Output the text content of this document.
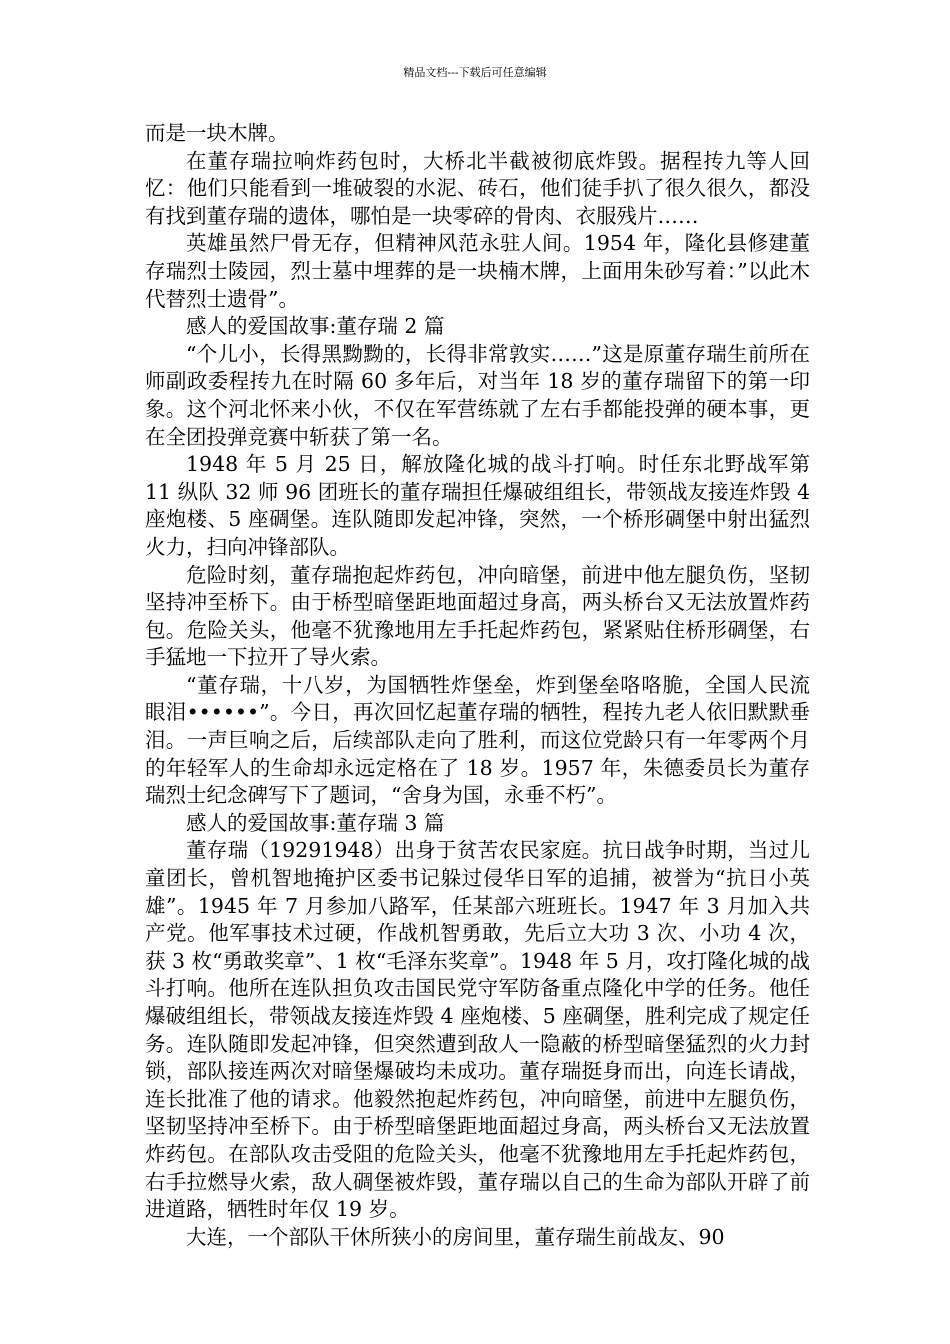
精品文档---下载后可任意编辑

而是一块木牌。

在董存瑞拉响炸药包时，大桥北半截被彻底炸毁。据程抟九等人回忆：他们只能看到一堆破裂的水泥、砖石，他们徒手扒了很久很久，都没有找到董存瑞的遗体，哪怕是一块零碎的骨肉、衣服残片……

英雄虽然尸骨无存，但精神风范永驻人间。1954 年，隆化县修建董存瑞烈士陵园，烈士墓中埋葬的是一块楠木牌，上面用朱砂写着：”以此木代替烈士遗骨”。

感人的爱国故事:董存瑞 2 篇

“个儿小，长得黑黝黝的，长得非常敦实……”这是原董存瑞生前所在师副政委程抟九在时隔 60 多年后，对当年 18 岁的董存瑞留下的第一印象。这个河北怀来小伙，不仅在军营练就了左右手都能投弹的硬本事，更在全团投弹竞赛中斩获了第一名。

1948 年 5 月 25 日，解放隆化城的战斗打响。时任东北野战军第 11 纵队 32 师 96 团班长的董存瑞担任爆破组组长，带领战友接连炸毁 4 座炮楼、5 座碉堡。连队随即发起冲锋，突然，一个桥形碉堡中射出猛烈火力，扫向冲锋部队。

危险时刻，董存瑞抱起炸药包，冲向暗堡，前进中他左腿负伤，坚韧坚持冲至桥下。由于桥型暗堡距地面超过身高，两头桥台又无法放置炸药包。危险关头，他毫不犹豫地用左手托起炸药包，紧紧贴住桥形碉堡，右手猛地一下拉开了导火索。

“董存瑞，十八岁，为国牺牲炸堡垒，炸到堡垒咯咯脆，全国人民流眼泪••••••”。今日，再次回忆起董存瑞的牺牲，程抟九老人依旧默默垂泪。一声巨响之后，后续部队走向了胜利，而这位党龄只有一年零两个月的年轻军人的生命却永远定格在了 18 岁。1957 年，朱德委员长为董存瑞烈士纪念碑写下了题词，“舍身为国，永垂不朽”。

感人的爱国故事:董存瑞 3 篇

董存瑞（19291948）出身于贫苦农民家庭。抗日战争时期，当过儿童团长，曾机智地掩护区委书记躲过侵华日军的追捕，被誉为“抗日小英雄”。1945 年 7 月参加八路军，任某部六班班长。1947 年 3 月加入共产党。他军事技术过硬，作战机智勇敢，先后立大功 3 次、小功 4 次，获 3 枚“勇敢奖章”、1 枚“毛泽东奖章”。1948 年 5 月，攻打隆化城的战斗打响。他所在连队担负攻击国民党守军防备重点隆化中学的任务。他任爆破组组长，带领战友接连炸毁 4 座炮楼、5 座碉堡，胜利完成了规定任务。连队随即发起冲锋，但突然遭到敌人一隐蔽的桥型暗堡猛烈的火力封锁，部队接连两次对暗堡爆破均未成功。董存瑞挺身而出，向连长请战，连长批准了他的请求。他毅然抱起炸药包，冲向暗堡，前进中左腿负伤，坚韧坚持冲至桥下。由于桥型暗堡距地面超过身高，两头桥台又无法放置炸药包。在部队攻击受阻的危险关头，他毫不犹豫地用左手托起炸药包，右手拉燃导火索，敌人碉堡被炸毁，董存瑞以自己的生命为部队开辟了前进道路，牺牲时年仅 19 岁。

大连，一个部队干休所狭小的房间里，董存瑞生前战友、90
